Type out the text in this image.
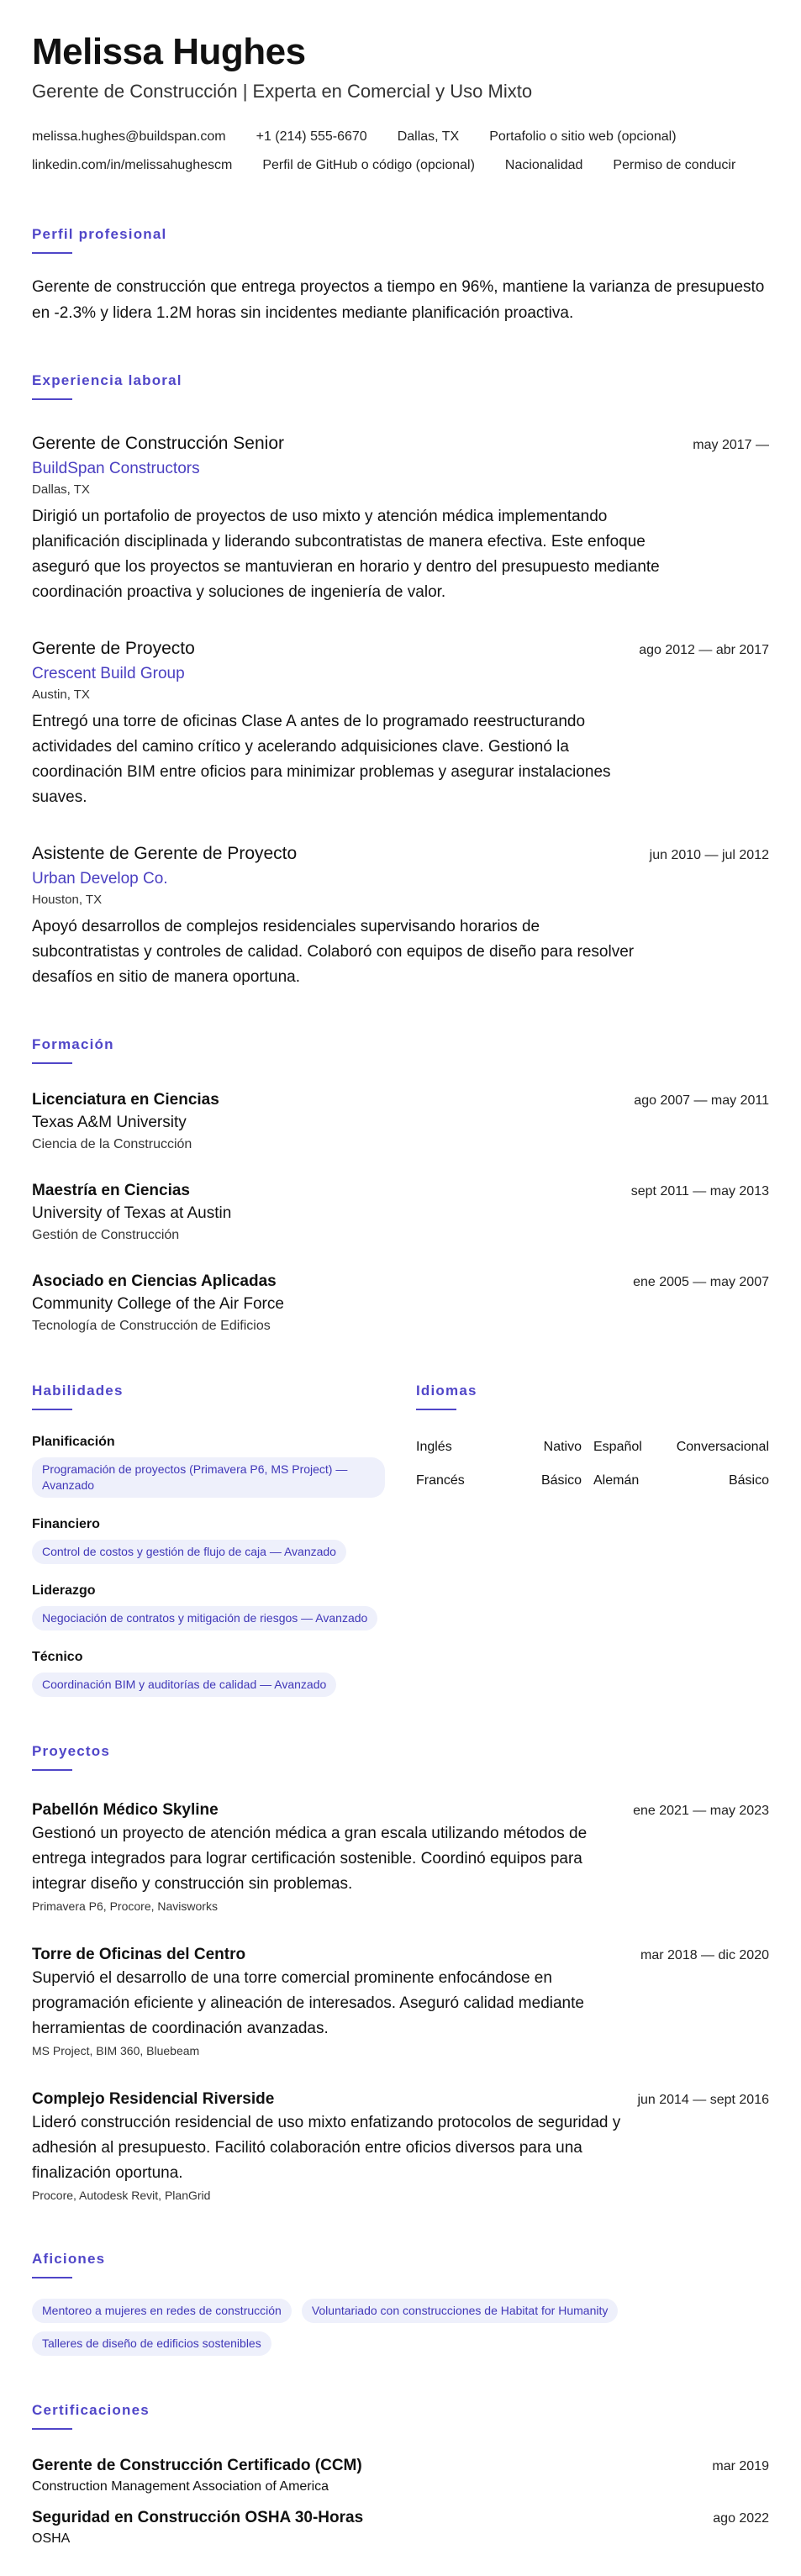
Melissa Hughes
Gerente de Construcción | Experta en Comercial y Uso Mixto
melissa.hughes@buildspan.com +1 (214) 555-6670 Dallas, TX Portafolio o sitio web (opcional)
linkedin.com/in/melissahughescm Perfil de GitHub o código (opcional) Nacionalidad Permiso de conducir
Perfil profesional

Gerente de construcción que entrega proyectos a tiempo en 96%, mantiene la varianza de presupuesto en -2.3% y lidera 1.2M horas sin incidentes mediante planificación proactiva.

Experiencia laboral
Gerente de Construcción Senior	may 2017 —
BuildSpan Constructors
Dallas, TX

Dirigió un portafolio de proyectos de uso mixto y atención médica implementando planificación disciplinada y liderando subcontratistas de manera efectiva. Este enfoque aseguró que los proyectos se mantuvieran en horario y dentro del presupuesto mediante coordinación proactiva y soluciones de ingeniería de valor.

Gerente de Proyecto	ago 2012 — abr 2017
Crescent Build Group
Austin, TX

Entregó una torre de oficinas Clase A antes de lo programado reestructurando actividades del camino crítico y acelerando adquisiciones clave. Gestionó la coordinación BIM entre oficios para minimizar problemas y asegurar instalaciones suaves.

Asistente de Gerente de Proyecto	jun 2010 — jul 2012
Urban Develop Co.
Houston, TX

Apoyó desarrollos de complejos residenciales supervisando horarios de subcontratistas y controles de calidad. Colaboró con equipos de diseño para resolver desafíos en sitio de manera oportuna.

Formación
Licenciatura en Ciencias	ago 2007 — may 2011
Texas A&M University
Ciencia de la Construcción
Maestría en Ciencias	sept 2011 — may 2013
University of Texas at Austin
Gestión de Construcción
Asociado en Ciencias Aplicadas	ene 2005 — may 2007
Community College of the Air Force
Tecnología de Construcción de Edificios
Habilidades
Planificación
Programación de proyectos (Primavera P6, MS Project) — Avanzado
Financiero
Control de costos y gestión de flujo de caja — Avanzado
Liderazgo
Negociación de contratos y mitigación de riesgos — Avanzado
Técnico
Coordinación BIM y auditorías de calidad — Avanzado
Idiomas
Inglés	Nativo Español	Conversacional
Francés	Básico Alemán	Básico
Proyectos
Pabellón Médico Skyline	ene 2021 — may 2023

Gestionó un proyecto de atención médica a gran escala utilizando métodos de entrega integrados para lograr certificación sostenible. Coordinó equipos para integrar diseño y construcción sin problemas.

Primavera P6, Procore, Navisworks
Torre de Oficinas del Centro	mar 2018 — dic 2020

Supervió el desarrollo de una torre comercial prominente enfocándose en programación eficiente y alineación de interesados. Aseguró calidad mediante herramientas de coordinación avanzadas.

MS Project, BIM 360, Bluebeam
Complejo Residencial Riverside	jun 2014 — sept 2016

Lideró construcción residencial de uso mixto enfatizando protocolos de seguridad y adhesión al presupuesto. Facilitó colaboración entre oficios diversos para una finalización oportuna.

Procore, Autodesk Revit, PlanGrid
Aficiones
Mentoreo a mujeres en redes de construcción	Voluntariado con construcciones de Habitat for Humanity
Talleres de diseño de edificios sostenibles
Certificaciones
Gerente de Construcción Certificado (CCM)	mar 2019
Construction Management Association of America
Seguridad en Construcción OSHA 30-Horas	ago 2022
OSHA
